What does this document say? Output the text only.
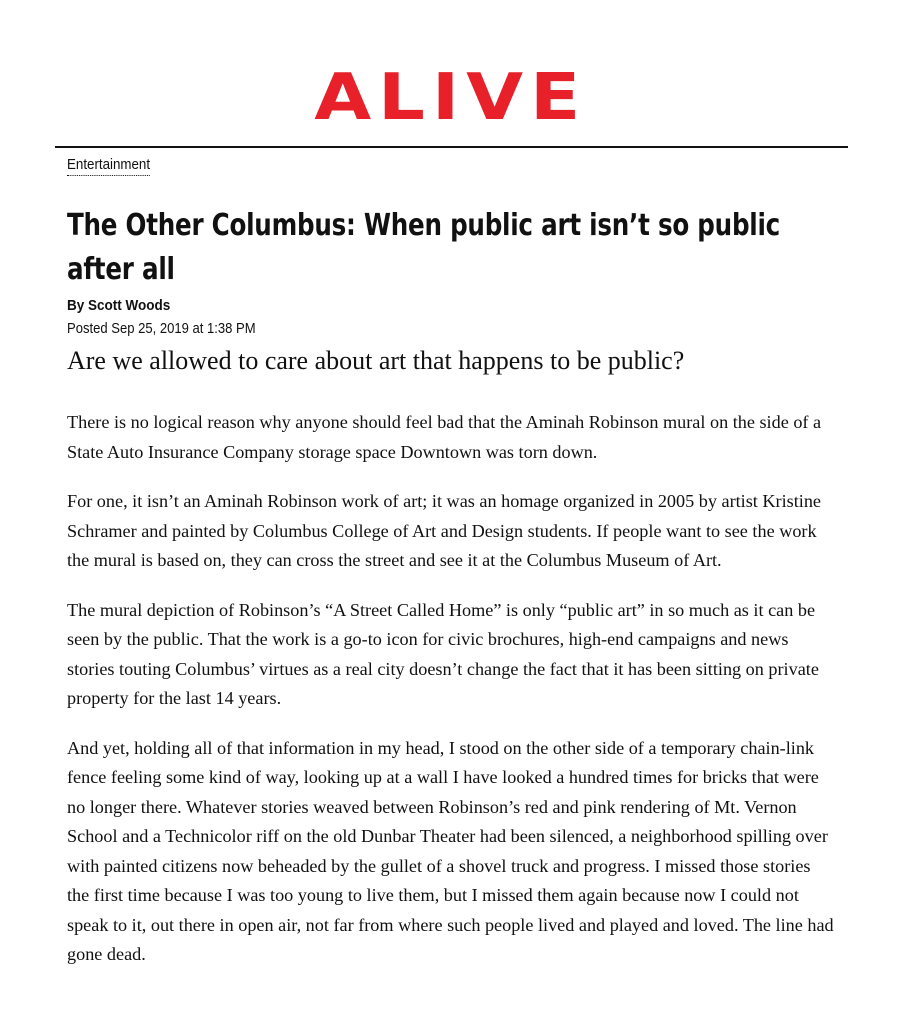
ALIVE
Entertainment
The Other Columbus: When public art isn’t so public after all
By Scott Woods
Posted Sep 25, 2019 at 1:38 PM
Are we allowed to care about art that happens to be public?

There is no logical reason why anyone should feel bad that the Aminah Robinson mural on the side of a State Auto Insurance Company storage space Downtown was torn down.

For one, it isn’t an Aminah Robinson work of art; it was an homage organized in 2005 by artist Kristine Schramer and painted by Columbus College of Art and Design students. If people want to see the work the mural is based on, they can cross the street and see it at the Columbus Museum of Art.

The mural depiction of Robinson’s “A Street Called Home” is only “public art” in so much as it can be seen by the public. That the work is a go-to icon for civic brochures, high-end campaigns and news stories touting Columbus’ virtues as a real city doesn’t change the fact that it has been sitting on private property for the last 14 years.

And yet, holding all of that information in my head, I stood on the other side of a temporary chain-link fence feeling some kind of way, looking up at a wall I have looked a hundred times for bricks that were no longer there. Whatever stories weaved between Robinson’s red and pink rendering of Mt. Vernon School and a Technicolor riff on the old Dunbar Theater had been silenced, a neighborhood spilling over with painted citizens now beheaded by the gullet of a shovel truck and progress. I missed those stories the first time because I was too young to live them, but I missed them again because now I could not speak to it, out there in open air, not far from where such people lived and played and loved. The line had gone dead.
